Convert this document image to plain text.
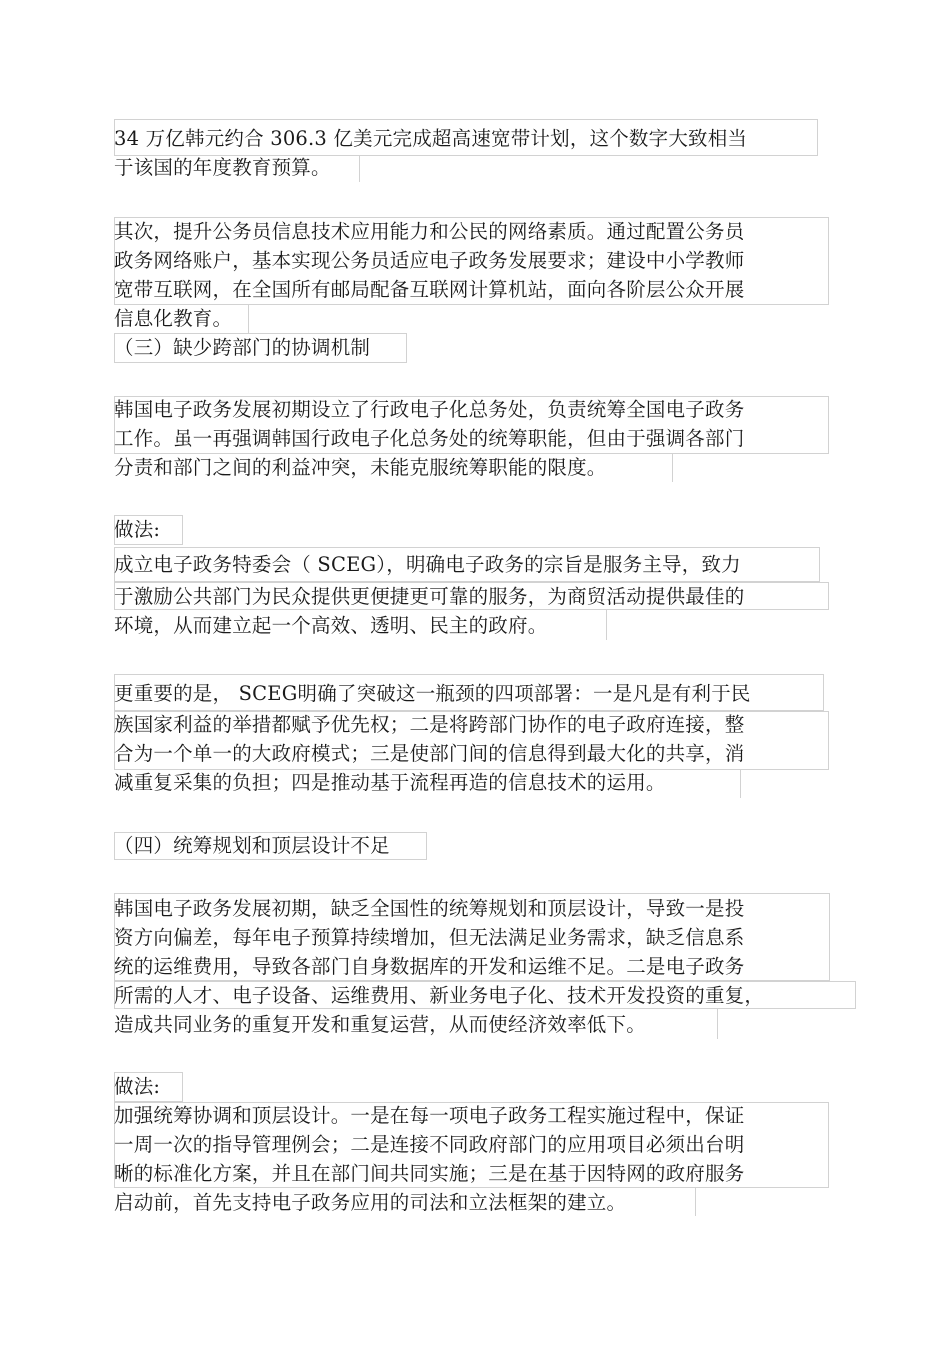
34 万亿韩元约合 306.3 亿美元完成超高速宽带计划，这个数字大致相当

于该国的年度教育预算。

其次，提升公务员信息技术应用能力和公民的网络素质。通过配置公务员

政务网络账户，基本实现公务员适应电子政务发展要求；建设中小学教师

宽带互联网，在全国所有邮局配备互联网计算机站，面向各阶层公众开展

信息化教育。

（三）缺少跨部门的协调机制

韩国电子政务发展初期设立了行政电子化总务处，负责统筹全国电子政务

工作。虽一再强调韩国行政电子化总务处的统筹职能，但由于强调各部门

分责和部门之间的利益冲突，未能克服统筹职能的限度。

做法:

成立电子政务特委会（ SCEG），明确电子政务的宗旨是服务主导，致力

于激励公共部门为民众提供更便捷更可靠的服务，为商贸活动提供最佳的

环境，从而建立起一个高效、透明、民主的政府。

更重要的是， SCEG明确了突破这一瓶颈的四项部署：一是凡是有利于民

族国家利益的举措都赋予优先权；二是将跨部门协作的电子政府连接，整

合为一个单一的大政府模式；三是使部门间的信息得到最大化的共享，消

减重复采集的负担；四是推动基于流程再造的信息技术的运用。

（四）统筹规划和顶层设计不足

韩国电子政务发展初期，缺乏全国性的统筹规划和顶层设计，导致一是投

资方向偏差，每年电子预算持续增加，但无法满足业务需求，缺乏信息系

统的运维费用，导致各部门自身数据库的开发和运维不足。二是电子政务

所需的人才、电子设备、运维费用、新业务电子化、技术开发投资的重复，

造成共同业务的重复开发和重复运营，从而使经济效率低下。

做法:

加强统筹协调和顶层设计。一是在每一项电子政务工程实施过程中，保证

一周一次的指导管理例会；二是连接不同政府部门的应用项目必须出台明

晰的标准化方案，并且在部门间共同实施；三是在基于因特网的政府服务

启动前，首先支持电子政务应用的司法和立法框架的建立。
